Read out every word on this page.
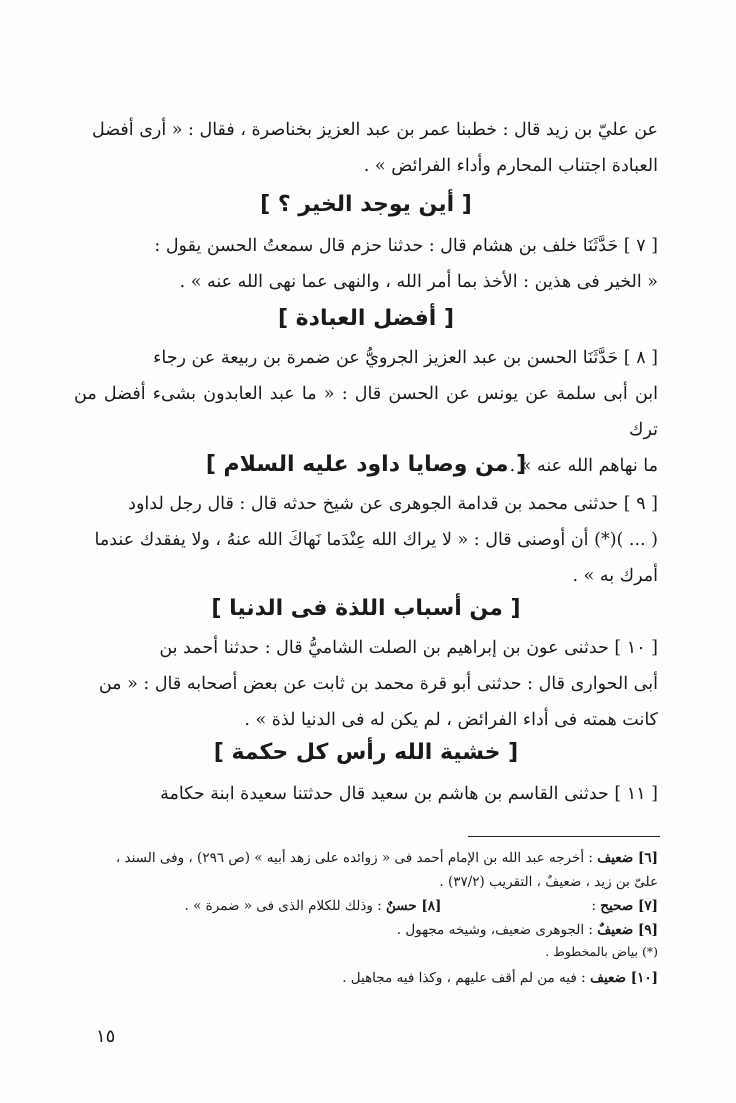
عن عليّ بن زيد قال : خطبنا عمر بن عبد العزيز بخناصرة ، فقال : « أرى أفضل
العبادة اجتناب المحارم وأداء الفرائض » .
[ أين يوجد الخير ؟ ]
[ ٧ ] حَدَّثَنَا خلف بن هشام قال : حدثنا حزم قال سمعتُ الحسن يقول :
« الخير فى هذين : الأخذ بما أمر الله ، والنهى عما نهى الله عنه » .
[ أفضل العبادة ]
[ ٨ ] حَدَّثَنَا الحسن بن عبد العزيز الجرويُّ عن ضمرة بن ربيعة عن رجاء
ابن أبى سلمة عن يونس عن الحسن قال : « ما عبد العابدون بشىء أفضل من ترك
ما نهاهم الله عنه » .
[ من وصايا داود عليه السلام ]
[ ٩ ] حدثنى محمد بن قدامة الجوهرى عن شيخ حدثه قال : قال رجل لداود
( ... )(*) أن أوصنى قال : « لا يراك الله عِنْدَما نَهاكَ الله عنهُ ، ولا يفقدك عندما
أمرك به » .
[ من أسباب اللذة فى الدنيا ]
[ ١٠ ] حدثنى عون بن إبراهيم بن الصلت الشاميُّ قال : حدثنا أحمد بن
أبى الحوارى قال : حدثنى أبو قرة محمد بن ثابت عن بعض أصحابه قال : « من
كانت همته فى أداء الفرائض ، لم يكن له فى الدنيا لذة » .
[ خشية الله رأس كل حكمة ]
[ ١١ ] حدثنى القاسم بن هاشم بن سعيد قال حدثتنا سعيدة ابنة حكامة
[٦] ضعيف : أخرجه عبد الله بن الإمام أحمد فى « زوائده على زهد أبيه » (ص ٢٩٦) ، وفى السند ،
علىّ بن زيد ، ضعيفٌ ، التقريب (٣٧/٢) .
[٧] صحيح :[٨] حسنٌ : وذلك للكلام الذى فى « ضمرة » .
[٩] ضعيفٌ : الجوهرى ضعيف، وشيخه مجهول .
(*) بياض بالمخطوط .
[١٠] ضعيف : فيه من لم أقف عليهم ، وكذا فيه مجاهيل .
١٥
